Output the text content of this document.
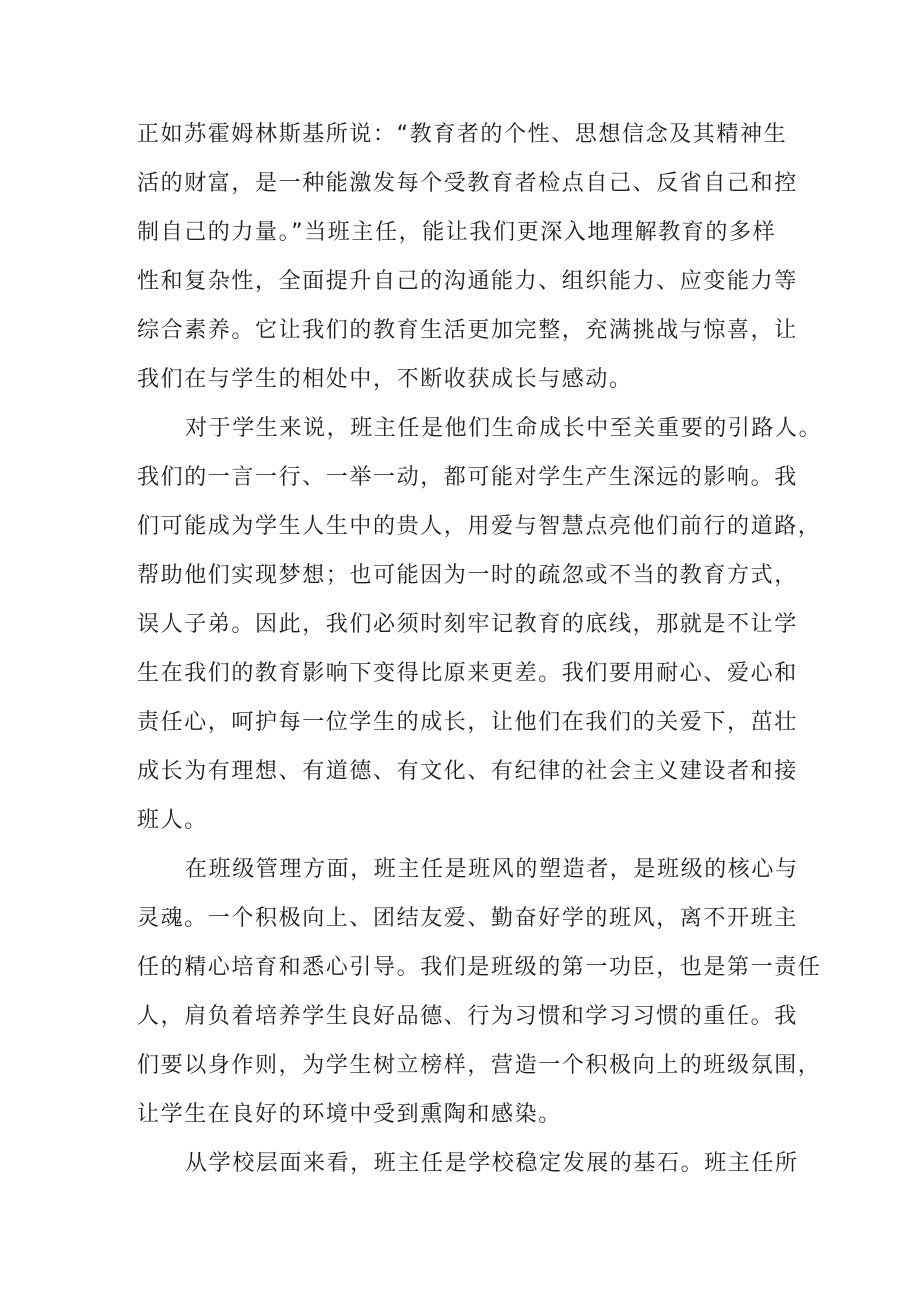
正如苏霍姆林斯基所说：“教育者的个性、思想信念及其精神生
活的财富，是一种能激发每个受教育者检点自己、反省自己和控
制自己的力量。”当班主任，能让我们更深入地理解教育的多样
性和复杂性，全面提升自己的沟通能力、组织能力、应变能力等
综合素养。它让我们的教育生活更加完整，充满挑战与惊喜，让
我们在与学生的相处中，不断收获成长与感动。
对于学生来说，班主任是他们生命成长中至关重要的引路人。
我们的一言一行、一举一动，都可能对学生产生深远的影响。我
们可能成为学生人生中的贵人，用爱与智慧点亮他们前行的道路，
帮助他们实现梦想；也可能因为一时的疏忽或不当的教育方式，
误人子弟。因此，我们必须时刻牢记教育的底线，那就是不让学
生在我们的教育影响下变得比原来更差。我们要用耐心、爱心和
责任心，呵护每一位学生的成长，让他们在我们的关爱下，茁壮
成长为有理想、有道德、有文化、有纪律的社会主义建设者和接
班人。
在班级管理方面，班主任是班风的塑造者，是班级的核心与
灵魂。一个积极向上、团结友爱、勤奋好学的班风，离不开班主
任的精心培育和悉心引导。我们是班级的第一功臣，也是第一责任
人，肩负着培养学生良好品德、行为习惯和学习习惯的重任。我
们要以身作则，为学生树立榜样，营造一个积极向上的班级氛围，
让学生在良好的环境中受到熏陶和感染。
从学校层面来看，班主任是学校稳定发展的基石。班主任所
